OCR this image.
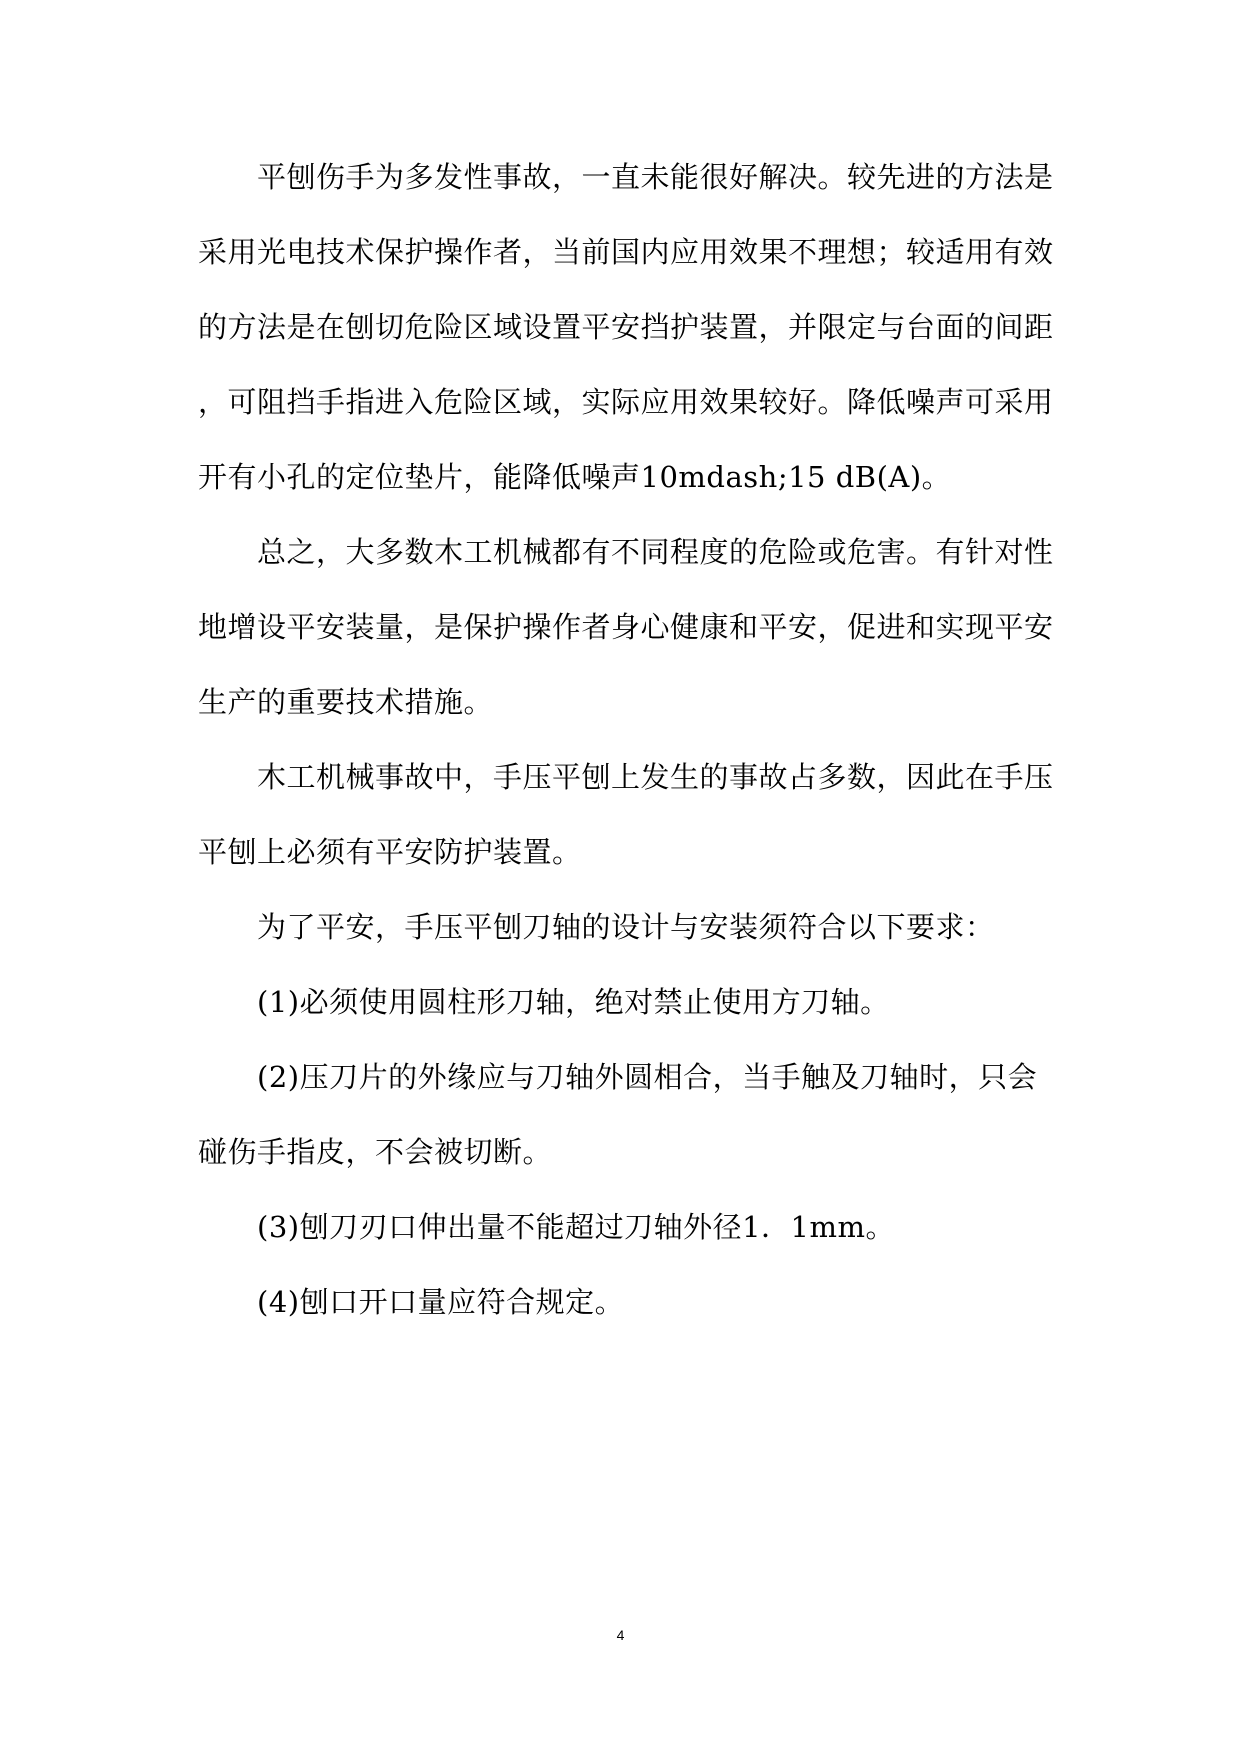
　　平刨伤手为多发性事故，一直未能很好解决。较先进的方法是
采用光电技术保护操作者，当前国内应用效果不理想；较适用有效
的方法是在刨切危险区域设置平安挡护装置，并限定与台面的间距
，可阻挡手指进入危险区域，实际应用效果较好。降低噪声可采用
开有小孔的定位垫片，能降低噪声10mdash;15 dB(A)。
　　总之，大多数木工机械都有不同程度的危险或危害。有针对性
地增设平安装量，是保护操作者身心健康和平安，促进和实现平安
生产的重要技术措施。
　　木工机械事故中，手压平刨上发生的事故占多数，因此在手压
平刨上必须有平安防护装置。
　　为了平安，手压平刨刀轴的设计与安装须符合以下要求：
　　(1)必须使用圆柱形刀轴，绝对禁止使用方刀轴。
　　(2)压刀片的外缘应与刀轴外圆相合，当手触及刀轴时，只会
碰伤手指皮，不会被切断。
　　(3)刨刀刃口伸出量不能超过刀轴外径1．1mm。
　　(4)刨口开口量应符合规定。
4
